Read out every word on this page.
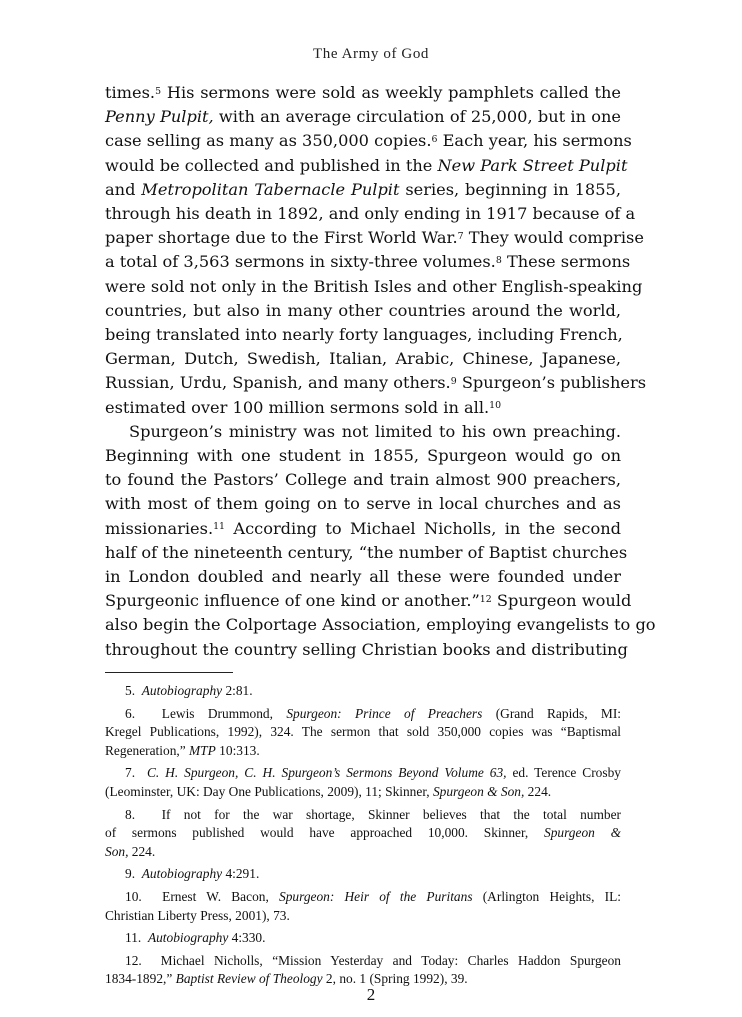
The Army of God
times.$^5$ His sermons were sold as weekly pamphlets called the
Penny Pulpit, with an average circulation of 25,000, but in one
case selling as many as 350,000 copies.$^6$ Each year, his sermons
would be collected and published in the New Park Street Pulpit
and Metropolitan Tabernacle Pulpit series, beginning in 1855,
through his death in 1892, and only ending in 1917 because of a
paper shortage due to the First World War.$^7$ They would comprise
a total of 3,563 sermons in sixty-three volumes.$^8$ These sermons
were sold not only in the British Isles and other English-speaking
countries, but also in many other countries around the world,
being translated into nearly forty languages, including French,
German, Dutch, Swedish, Italian, Arabic, Chinese, Japanese,
Russian, Urdu, Spanish, and many others.$^9$ Spurgeon’s publishers
estimated over 100 million sermons sold in all.$^{10}$
Spurgeon’s ministry was not limited to his own preaching.
Beginning with one student in 1855, Spurgeon would go on
to found the Pastors’ College and train almost 900 preachers,
with most of them going on to serve in local churches and as
missionaries.$^{11}$ According to Michael Nicholls, in the second
half of the nineteenth century, “the number of Baptist churches
in London doubled and nearly all these were founded under
Spurgeonic influence of one kind or another.”$^{12}$ Spurgeon would
also begin the Colportage Association, employing evangelists to go
throughout the country selling Christian books and distributing
5.  Autobiography 2:81.
6.  Lewis Drummond, Spurgeon: Prince of Preachers (Grand Rapids, MI:
Kregel Publications, 1992), 324. The sermon that sold 350,000 copies was “Baptismal
Regeneration,” MTP 10:313.
7.  C. H. Spurgeon, C. H. Spurgeon’s Sermons Beyond Volume 63, ed. Terence Crosby
(Leominster, UK: Day One Publications, 2009), 11; Skinner, Spurgeon & Son, 224.
8.  If not for the war shortage, Skinner believes that the total number
of sermons published would have approached 10,000. Skinner, Spurgeon &
Son, 224.
9.  Autobiography 4:291.
10.  Ernest W. Bacon, Spurgeon: Heir of the Puritans (Arlington Heights, IL:
Christian Liberty Press, 2001), 73.
11.  Autobiography 4:330.
12.  Michael Nicholls, “Mission Yesterday and Today: Charles Haddon Spurgeon
1834-1892,” Baptist Review of Theology 2, no. 1 (Spring 1992), 39.
2
